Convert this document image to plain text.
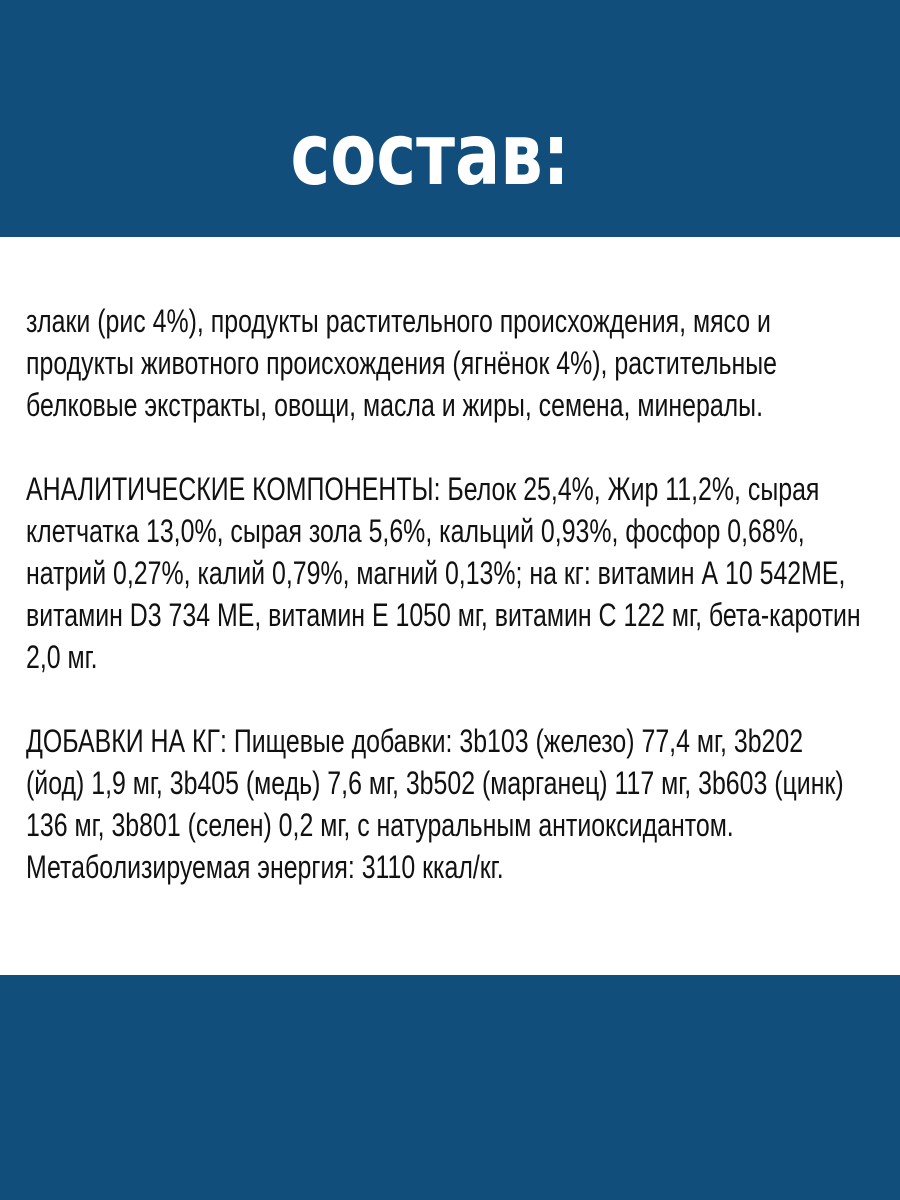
состав:

злаки (рис 4%), продукты растительного происхождения, мясо и продукты животного происхождения (ягнёнок 4%), растительные белковые экстракты, овощи, масла и жиры, семена, минералы.

АНАЛИТИЧЕСКИЕ КОМПОНЕНТЫ: Белок 25,4%, Жир 11,2%, сырая клетчатка 13,0%, сырая зола 5,6%, кальций 0,93%, фосфор 0,68%, натрий 0,27%, калий 0,79%, магний 0,13%; на кг: витамин А 10 542МЕ, витамин D3 734 МЕ, витамин Е 1050 мг, витамин С 122 мг, бета-каротин 2,0 мг.

ДОБАВКИ НА КГ: Пищевые добавки: 3b103 (железо) 77,4 мг, 3b202 (йод) 1,9 мг, 3b405 (медь) 7,6 мг, 3b502 (марганец) 117 мг, 3b603 (цинк) 136 мг, 3b801 (селен) 0,2 мг, с натуральным антиоксидантом. Метаболизируемая энергия: 3110 ккал/кг.
